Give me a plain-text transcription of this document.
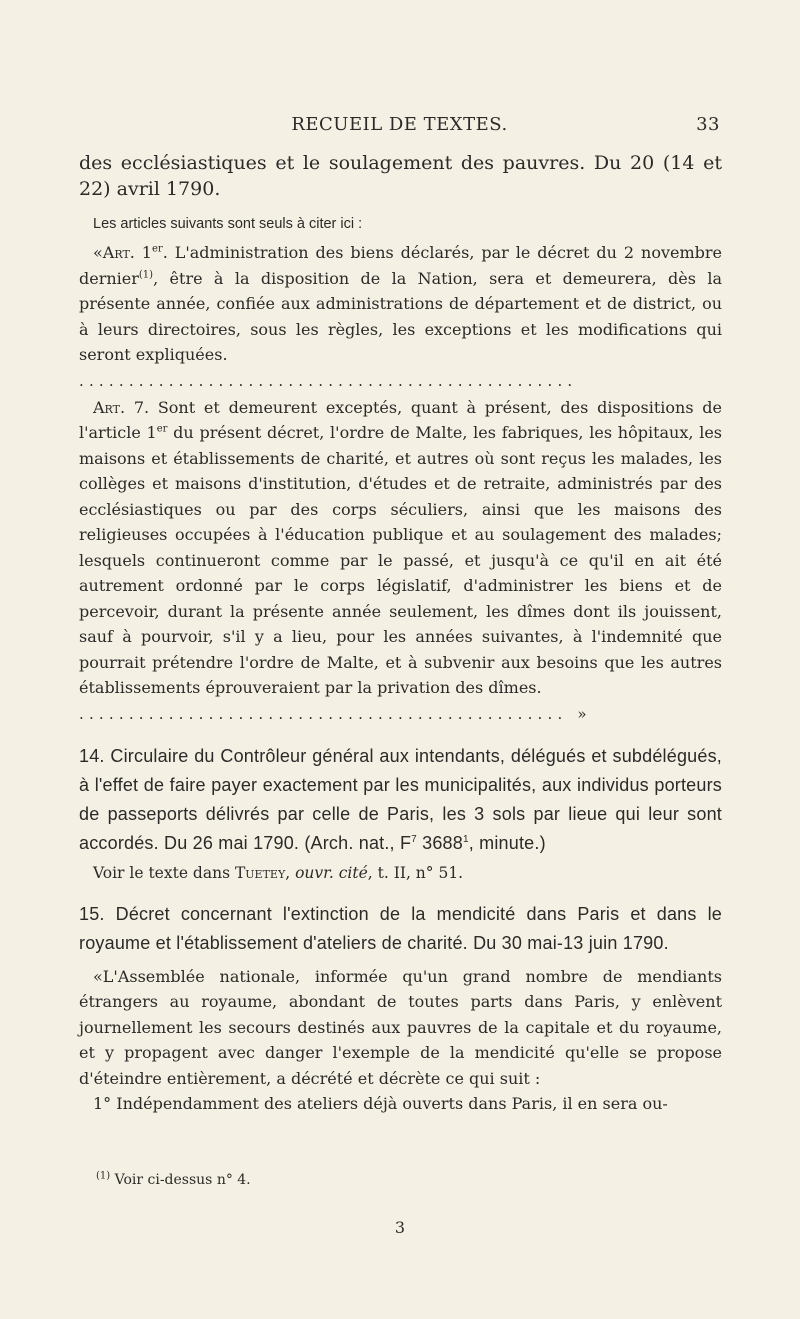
RECUEIL DE TEXTES.	33

des ecclésiastiques et le soulagement des pauvres. Du 20 (14 et 22) avril 1790.

Les articles suivants sont seuls à citer ici :

«Art. 1er. L'administration des biens déclarés, par le décret du 2 novembre dernier$^{(1)}$, être à la disposition de la Nation, sera et demeurera, dès la présente année, confiée aux administrations de département et de district, ou à leurs directoires, sous les règles, les exceptions et les modifications qui seront expliquées.

..................................................

Art. 7. Sont et demeurent exceptés, quant à présent, des dispositions de l'article 1er du présent décret, l'ordre de Malte, les fabriques, les hôpitaux, les maisons et établissements de charité, et autres où sont reçus les malades, les collèges et maisons d'institution, d'études et de retraite, administrés par des ecclésiastiques ou par des corps séculiers, ainsi que les maisons des religieuses occupées à l'éducation publique et au soulagement des malades; lesquels continueront comme par le passé, et jusqu'à ce qu'il en ait été autrement ordonné par le corps législatif, d'administrer les biens et de percevoir, durant la présente année seulement, les dîmes dont ils jouissent, sauf à pourvoir, s'il y a lieu, pour les années suivantes, à l'indemnité que pourrait prétendre l'ordre de Malte, et à subvenir aux besoins que les autres établissements éprouveraient par la privation des dîmes.

................................................. »

14. Circulaire du Contrôleur général aux intendants, délégués et subdélégués, à l'effet de faire payer exactement par les municipalités, aux individus porteurs de passeports délivrés par celle de Paris, les 3 sols par lieue qui leur sont accordés. Du 26 mai 1790. (Arch. nat., $F^7$ 3688$^1$, minute.)

Voir le texte dans Tuetey, ouvr. cité, t. II, n° 51.

15. Décret concernant l'extinction de la mendicité dans Paris et dans le royaume et l'établissement d'ateliers de charité. Du 30 mai-13 juin 1790.

«L'Assemblée nationale, informée qu'un grand nombre de mendiants étrangers au royaume, abondant de toutes parts dans Paris, y enlèvent journellement les secours destinés aux pauvres de la capitale et du royaume, et y propagent avec danger l'exemple de la mendicité qu'elle se propose d'éteindre entièrement, a décrété et décrète ce qui suit :

1° Indépendamment des ateliers déjà ouverts dans Paris, il en sera ou-

$^{(1)}$ Voir ci-dessus n° 4.
3
